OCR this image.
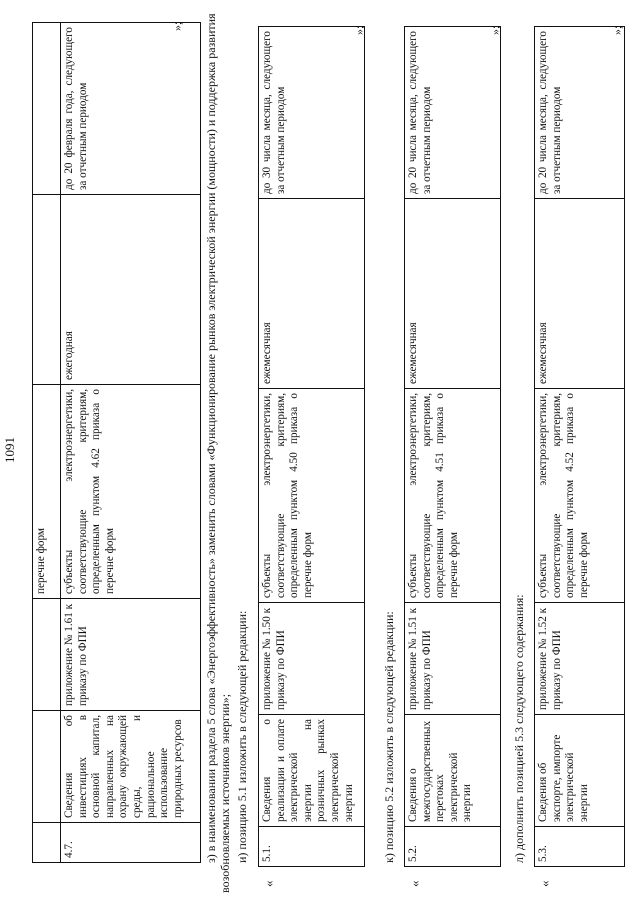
1091
			перечне форм		
4.7.	Сведения об инвестициях в основной капитал, направленных на охрану окружающей среды, и рациональное использование природных ресурсов	приложение № 1.61 к приказу по ФПИ	субъекты электроэнергетики, соответствующие критериям, определенным пунктом 4.62 приказа о перечне форм	ежегодная	до 20 февраля года, следующего за отчетным периодом
»; з) в наименовании раздела 5 слова «Энергоэффективность» заменить словами «Функционирование рынков электрической энергии (мощности) и поддержка развития возобновляемых источников энергии»; и) позицию 5.1 изложить в следующей редакции:
«
5.1.	Сведения о реализации и оплате электрической энергии на розничных рынках электрической энергии	приложение № 1.50 к приказу по ФПИ	субъекты электроэнергетики, соответствующие критериям, определенным пунктом 4.50 приказа о перечне форм	ежемесячная	до 30 числа месяца, следующего за отчетным периодом
»;
к) позицию 5.2 изложить в следующей редакции:
«
5.2.	Сведения о межгосударственных перетоках электрической энергии	приложение № 1.51 к приказу по ФПИ	субъекты электроэнергетики, соответствующие критериям, определенным пунктом 4.51 приказа о перечне форм	ежемесячная	до 20 числа месяца, следующего за отчетным периодом
»;
л) дополнить позицией 5.3 следующего содержания:
«
5.3.	Сведения об экспорте, импорте электрической энергии	приложение № 1.52 к приказу по ФПИ	субъекты электроэнергетики, соответствующие критериям, определенным пунктом 4.52 приказа о перечне форм	ежемесячная	до 20 числа месяца, следующего за отчетным периодом
»;
